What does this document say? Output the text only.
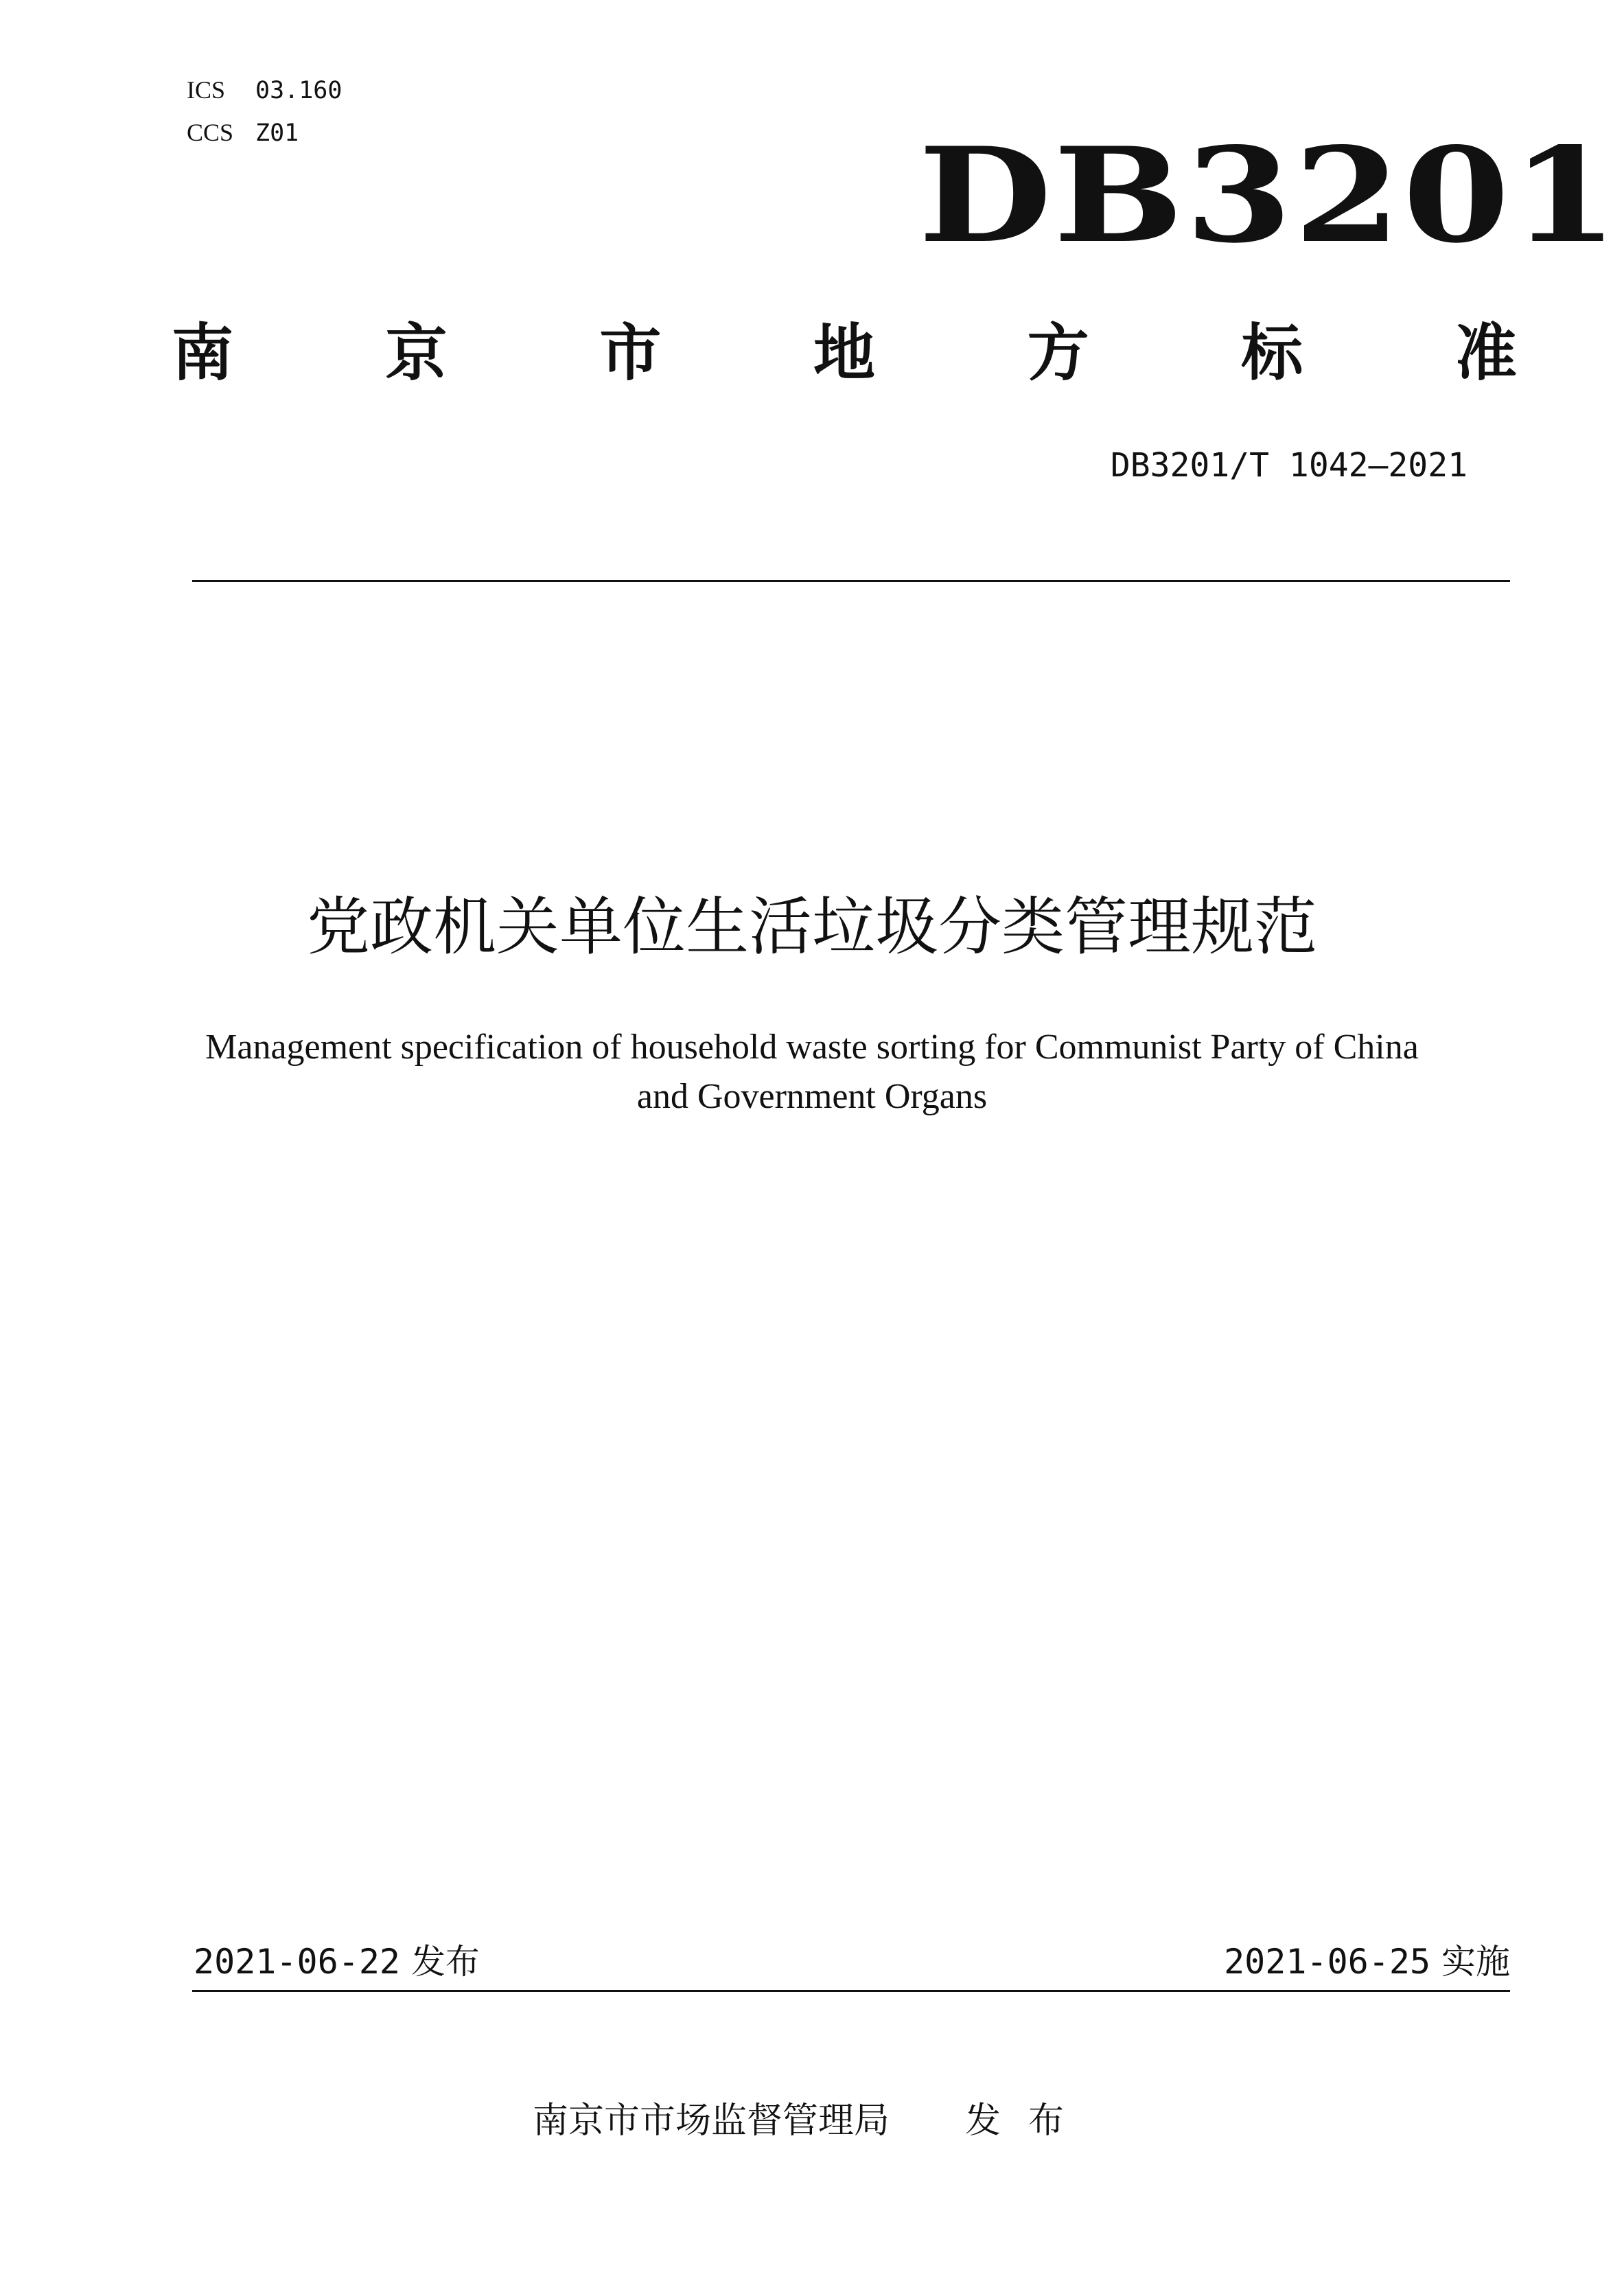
ICS	03.160
CCS Z01	DB3201
南 京 市 地 方 标 准
DB3201/T 1042—2021
党政机关单位生活垃圾分类管理规范
Management specification of household waste sorting for Communist Party of China
and Government Organs
2021-06-22 发布	2021-06-25 实施
南京市市场监督管理局 发布
